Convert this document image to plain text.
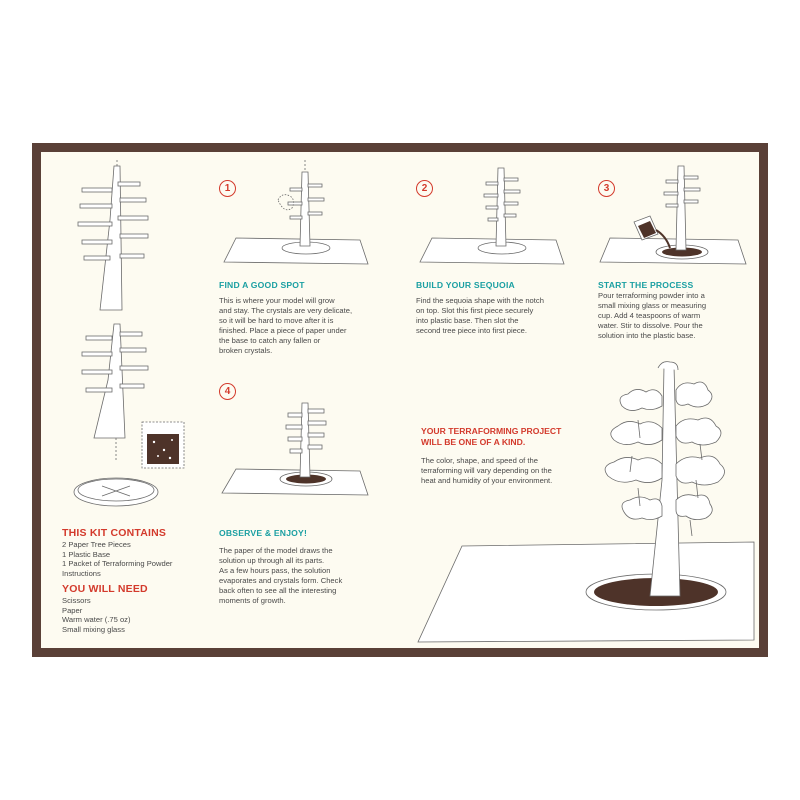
1
FIND A GOOD SPOT
This is where your model will grow
and stay. The crystals are very delicate,
so it will be hard to move after it is
finished. Place a piece of paper under
the base to catch any fallen or
broken crystals.
2
BUILD YOUR SEQUOIA
Find the sequoia shape with the notch
on top. Slot this first piece securely
into plastic base. Then slot the
second tree piece into first piece.
3
START THE PROCESS
Pour terraforming powder into a
small mixing glass or measuring
cup. Add 4 teaspoons of warm
water. Stir to dissolve. Pour the
solution into the plastic base.
4
OBSERVE & ENJOY!
The paper of the model draws the
solution up through all its parts.
As a few hours pass, the solution
evaporates and crystals form. Check
back often to see all the interesting
moments of growth.
THIS KIT CONTAINS
2 Paper Tree Pieces
1 Plastic Base
1 Packet of Terraforming Powder
Instructions
YOU WILL NEED
Scissors
Paper
Warm water (.75 oz)
Small mixing glass
YOUR TERRAFORMING PROJECT
WILL BE ONE OF A KIND.
The color, shape, and speed of the
terraforming will vary depending on the
heat and humidity of your environment.
